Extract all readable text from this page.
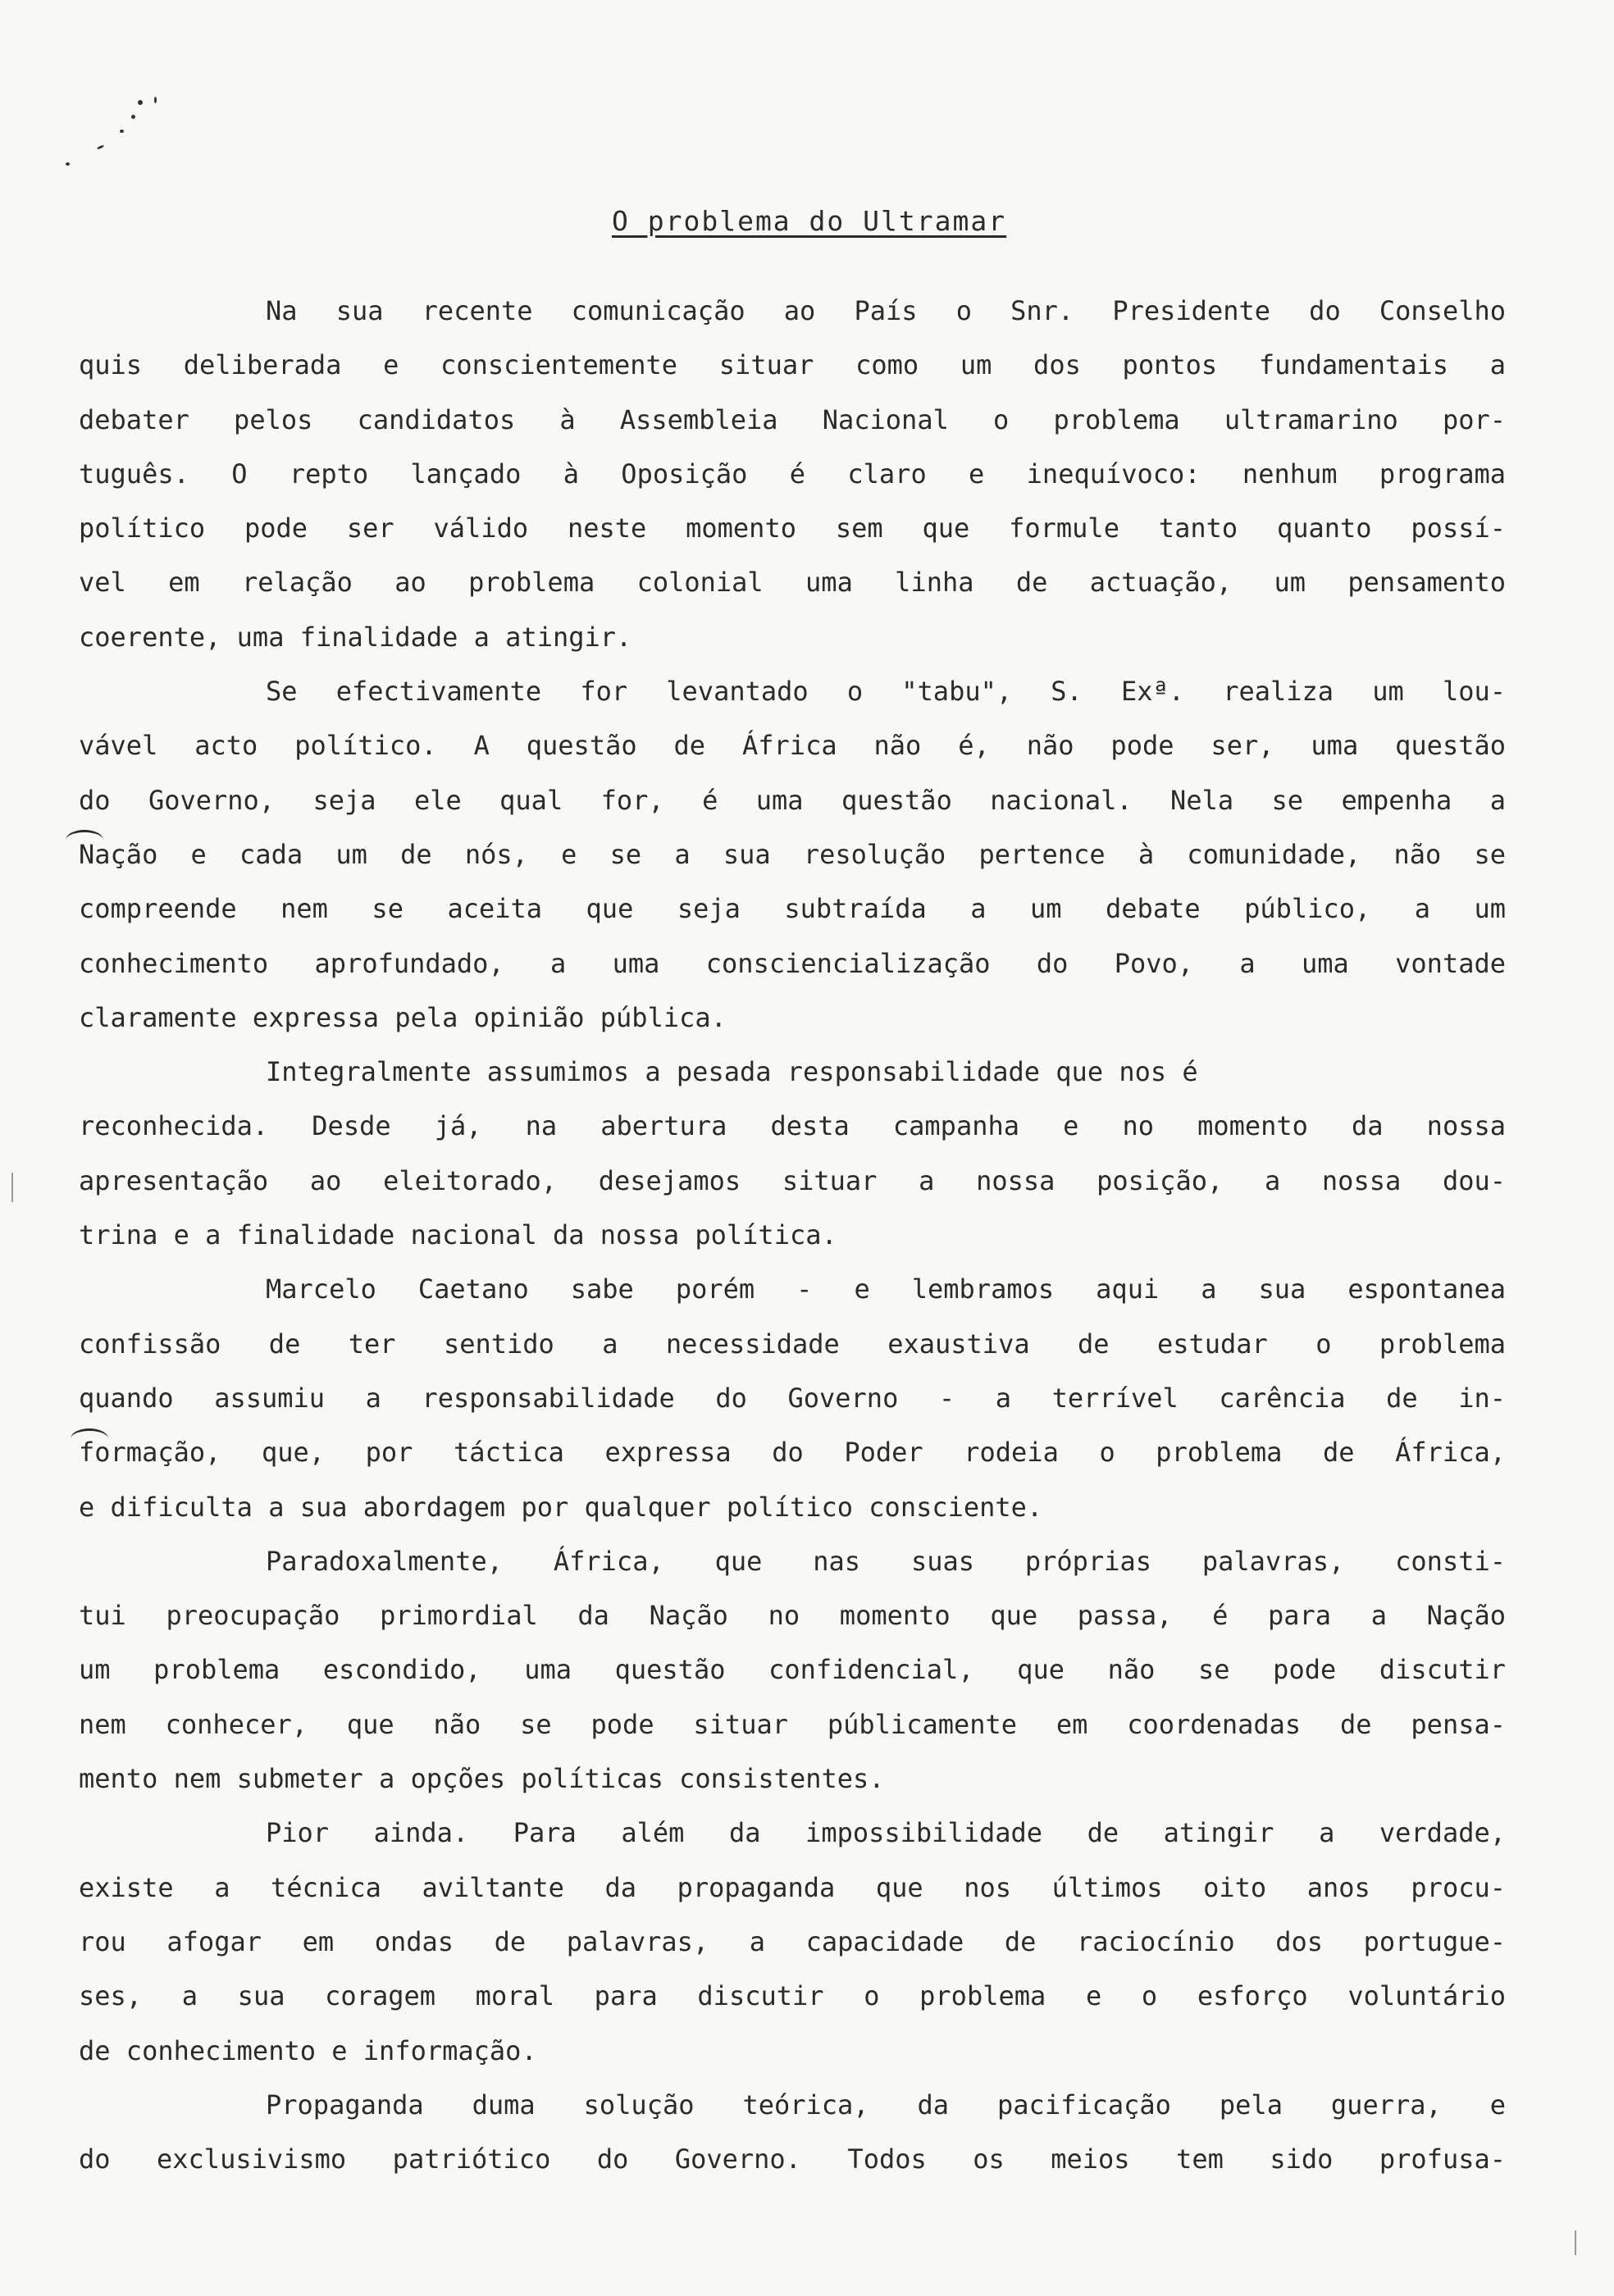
O problema do Ultramar
Na sua recente comunicação ao País o Snr. Presidente do Conselho
quis deliberada e conscientemente situar como um dos pontos fundamentais a
debater pelos candidatos à Assembleia Nacional o problema ultramarino por-
tuguês. O repto lançado à Oposição é claro e inequívoco: nenhum programa
político pode ser válido neste momento sem que formule tanto quanto possí-
vel em relação ao problema colonial uma linha de actuação, um pensamento
coerente, uma finalidade a atingir.
Se efectivamente for levantado o "tabu", S. Exª. realiza um lou-
vável acto político. A questão de África não é, não pode ser, uma questão
do Governo, seja ele qual for, é uma questão nacional. Nela se empenha a
Nação e cada um de nós, e se a sua resolução pertence à comunidade, não se
compreende nem se aceita que seja subtraída a um debate público, a um
conhecimento aprofundado, a uma consciencialização do Povo, a uma vontade
claramente expressa pela opinião pública.
Integralmente assumimos a pesada responsabilidade que nos é
reconhecida. Desde já, na abertura desta campanha e no momento da nossa
apresentação ao eleitorado, desejamos situar a nossa posição, a nossa dou-
trina e a finalidade nacional da nossa política.
Marcelo Caetano sabe porém - e lembramos aqui a sua espontanea
confissão de ter sentido a necessidade exaustiva de estudar o problema
quando assumiu a responsabilidade do Governo - a terrível carência de in-
formação, que, por táctica expressa do Poder rodeia o problema de África,
e dificulta a sua abordagem por qualquer político consciente.
Paradoxalmente, África, que nas suas próprias palavras, consti-
tui preocupação primordial da Nação no momento que passa, é para a Nação
um problema escondido, uma questão confidencial, que não se pode discutir
nem conhecer, que não se pode situar públicamente em coordenadas de pensa-
mento nem submeter a opções políticas consistentes.
Pior ainda. Para além da impossibilidade de atingir a verdade,
existe a técnica aviltante da propaganda que nos últimos oito anos procu-
rou afogar em ondas de palavras, a capacidade de raciocínio dos portugue-
ses, a sua coragem moral para discutir o problema e o esforço voluntário
de conhecimento e informação.
Propaganda duma solução teórica, da pacificação pela guerra, e
do exclusivismo patriótico do Governo. Todos os meios tem sido profusa-
